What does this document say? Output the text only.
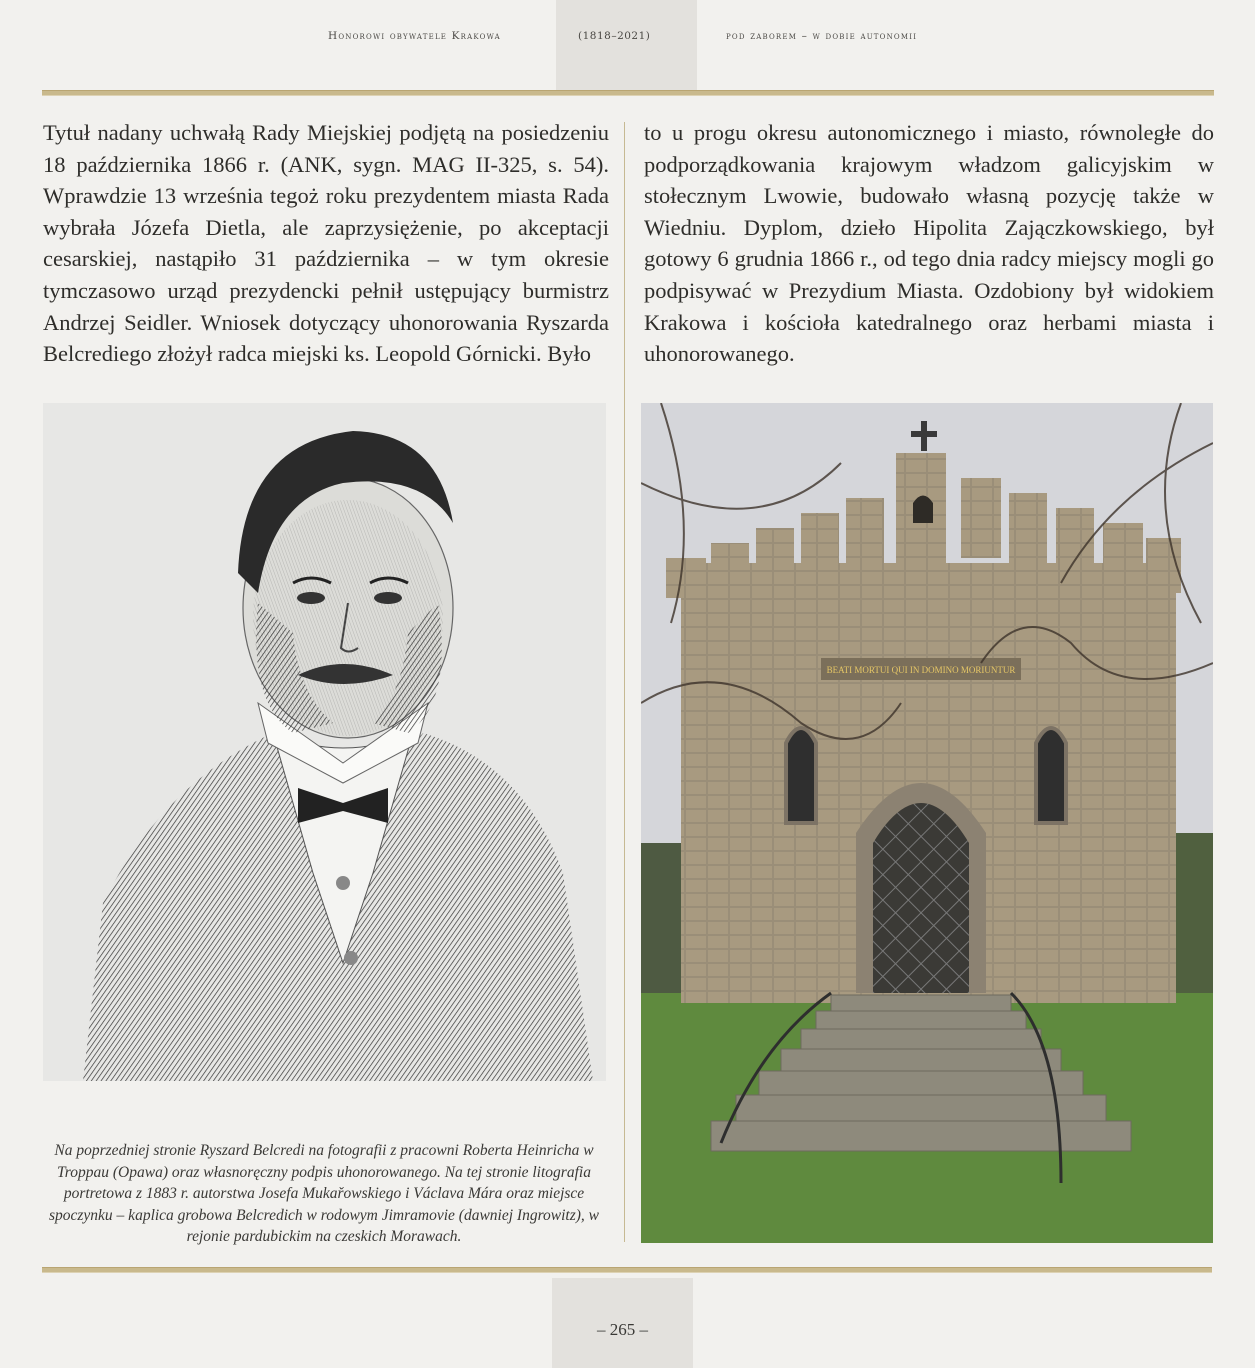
Honorowi obywatele Krakowa	(1818–2021)	pod zaborem – w dobie autonomii

Tytuł nadany uchwałą Rady Miejskiej podjętą na posiedzeniu 18 października 1866 r. (ANK, sygn. MAG II-325, s. 54). Wprawdzie 13 września tegoż roku prezydentem miasta Rada wybrała Józefa Dietla, ale zaprzysiężenie, po akceptacji cesarskiej, nastąpiło 31 października – w tym okresie tymczasowo urząd prezydencki pełnił ustępujący burmistrz Andrzej Seidler. Wniosek dotyczący uhonorowania Ryszarda Belcrediego złożył radca miejski ks. Leopold Górnicki. Było

to u progu okresu autonomicznego i miasto, równoległe do podporządkowania krajowym władzom galicyjskim w stołecznym Lwowie, budowało własną pozycję także w Wiedniu. Dyplom, dzieło Hipolita Zajączkowskiego, był gotowy 6 grudnia 1866 r., od tego dnia radcy miejscy mogli go podpisywać w Prezydium Miasta. Ozdobiony był widokiem Krakowa i kościoła katedralnego oraz herbami miasta i uhonorowanego.

BEATI MORTUI QUI IN DOMINO MORIUNTUR

Na poprzedniej stronie Ryszard Belcredi na fotografii z pracowni Roberta Heinricha w Troppau (Opawa) oraz własnoręczny podpis uhonorowanego. Na tej stronie litografia portretowa z 1883 r. autorstwa Josefa Mukařowskiego i Václava Mára oraz miejsce spoczynku – kaplica grobowa Belcredich w rodowym Jimramovie (dawniej Ingrowitz), w rejonie pardubickim na czeskich Morawach.

– 265 –
